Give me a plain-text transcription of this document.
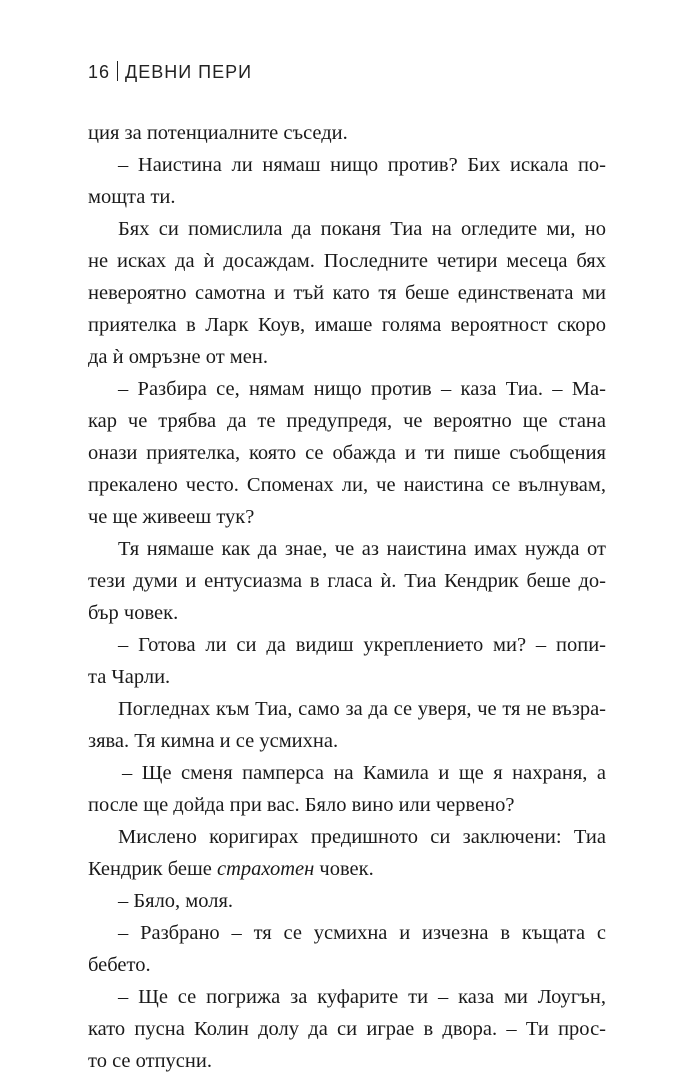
16 ДЕВНИ ПЕРИ
ция за потенциалните съседи.
– Наистина ли нямаш нищо против? Бих искала по-
мощта ти.
Бях си помислила да поканя Тиа на огледите ми, но
не исках да ѝ досаждам. Последните четири месеца бях
невероятно самотна и тъй като тя беше единствената ми
приятелка в Ларк Коув, имаше голяма вероятност скоро
да ѝ омръзне от мен.
– Разбира се, нямам нищо против – каза Тиа. – Ма-
кар че трябва да те предупредя, че вероятно ще стана
онази приятелка, която се обажда и ти пише съобщения
прекалено често. Споменах ли, че наистина се вълнувам,
че ще живееш тук?
Тя нямаше как да знае, че аз наистина имах нужда от
тези думи и ентусиазма в гласа ѝ. Тиа Кендрик беше до-
бър човек.
– Готова ли си да видиш укреплението ми? – попи-
та Чарли.
Погледнах към Тиа, само за да се уверя, че тя не възра-
зява. Тя кимна и се усмихна.
– Ще сменя памперса на Камила и ще я нахраня, а
после ще дойда при вас. Бяло вино или червено?
Мислено коригирах предишното си заключени: Тиа
Кендрик беше страхотен човек.
– Бяло, моля.
– Разбрано – тя се усмихна и изчезна в къщата с
бебето.
– Ще се погрижа за куфарите ти – каза ми Лоугън,
като пусна Колин долу да си играе в двора. – Ти прос-
то се отпусни.
